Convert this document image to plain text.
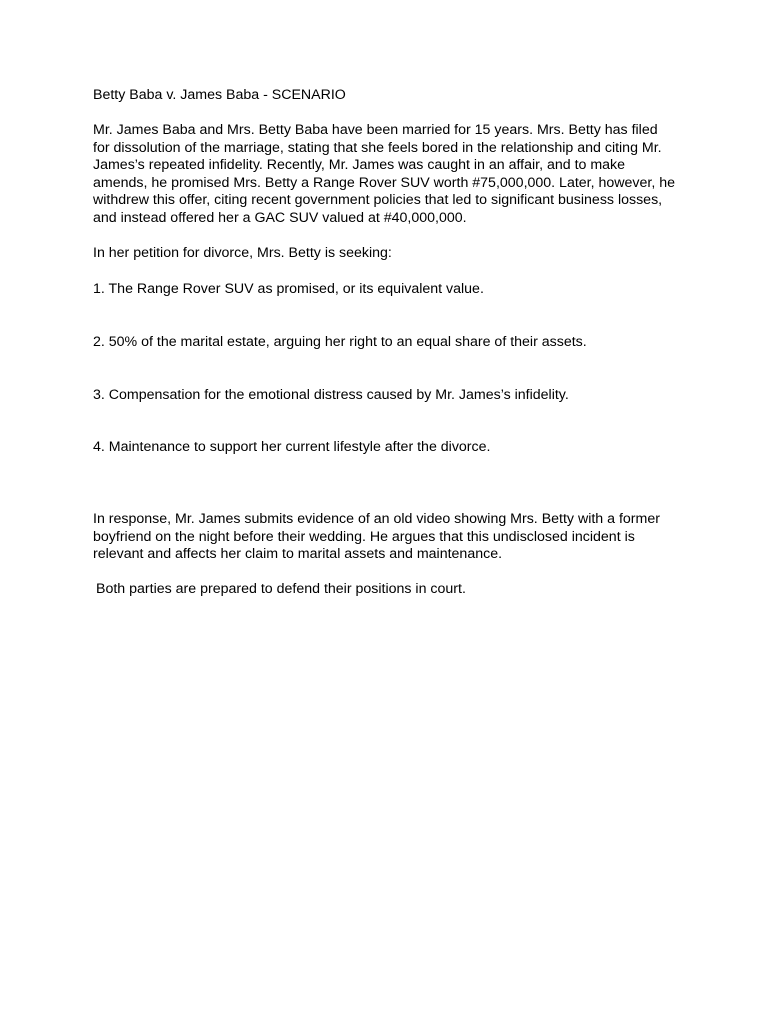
Betty Baba v. James Baba - SCENARIO
Mr. James Baba and Mrs. Betty Baba have been married for 15 years. Mrs. Betty has filed
for dissolution of the marriage, stating that she feels bored in the relationship and citing Mr.
James’s repeated infidelity. Recently, Mr. James was caught in an affair, and to make
amends, he promised Mrs. Betty a Range Rover SUV worth #75,000,000. Later, however, he
withdrew this offer, citing recent government policies that led to significant business losses,
and instead offered her a GAC SUV valued at #40,000,000.
In her petition for divorce, Mrs. Betty is seeking:
1. The Range Rover SUV as promised, or its equivalent value.
2. 50% of the marital estate, arguing her right to an equal share of their assets.
3. Compensation for the emotional distress caused by Mr. James’s infidelity.
4. Maintenance to support her current lifestyle after the divorce.
In response, Mr. James submits evidence of an old video showing Mrs. Betty with a former
boyfriend on the night before their wedding. He argues that this undisclosed incident is
relevant and affects her claim to marital assets and maintenance.
Both parties are prepared to defend their positions in court.
